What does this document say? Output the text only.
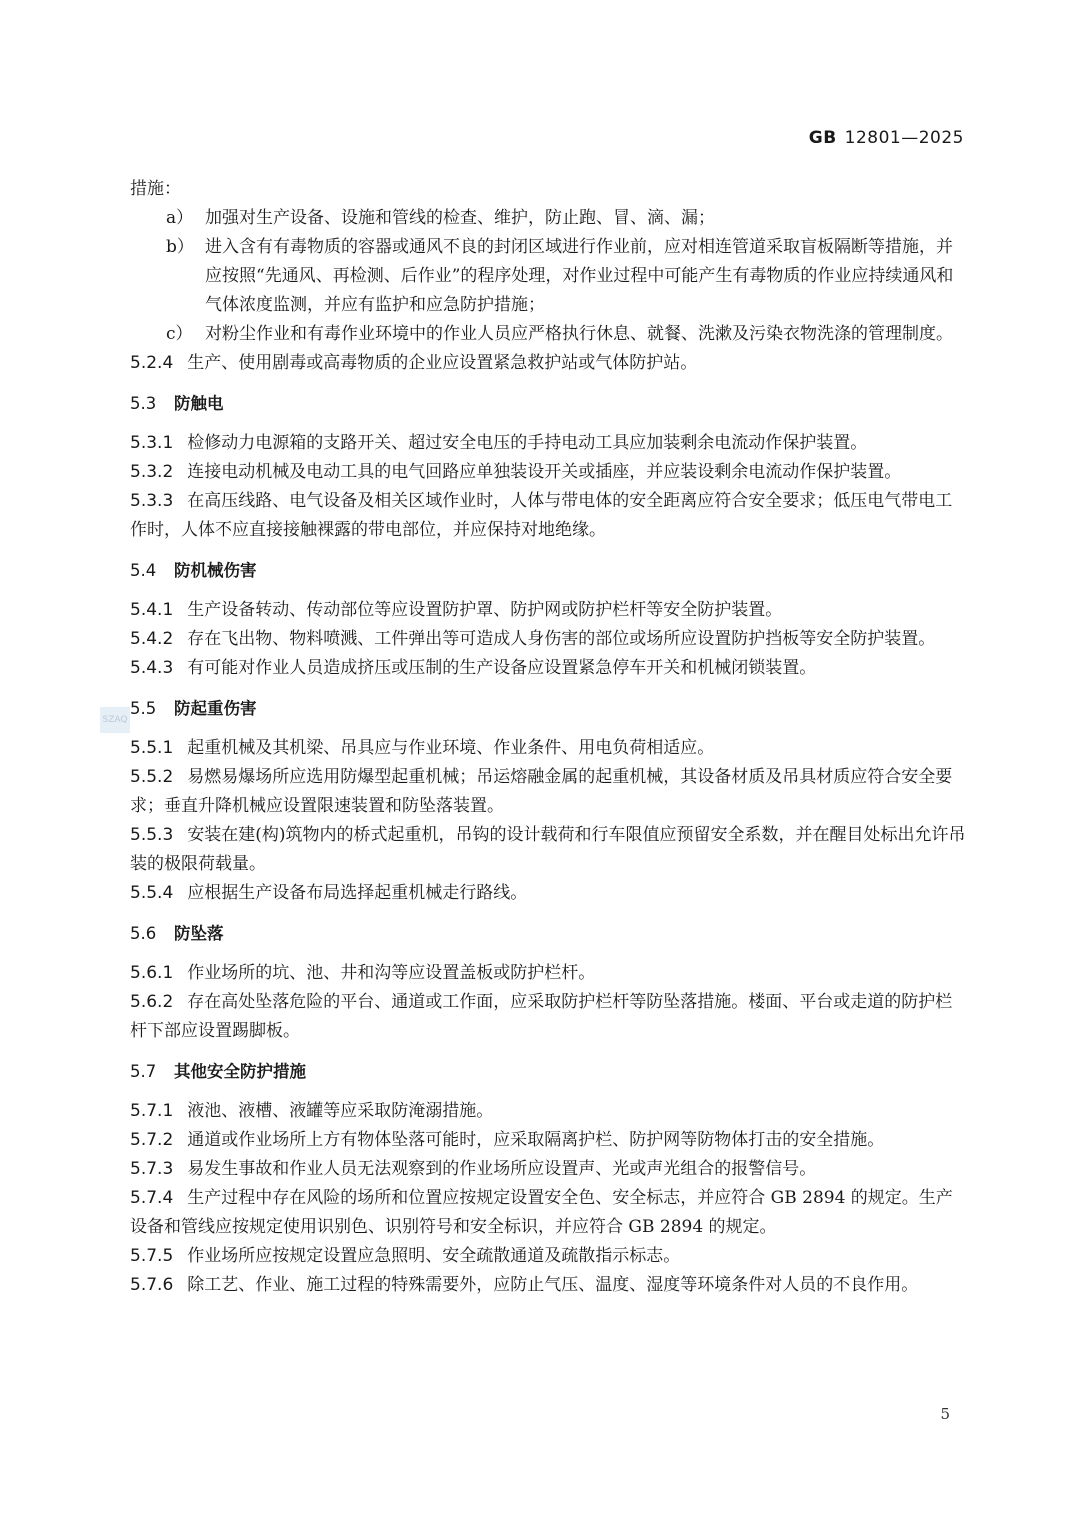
GB 12801—2025
SZAQ

措施：

a） 加强对生产设备、设施和管线的检查、维护，防止跑、冒、滴、漏；
b） 进入含有有毒物质的容器或通风不良的封闭区域进行作业前，应对相连管道采取盲板隔断等措施，并应按照“先通风、再检测、后作业”的程序处理，对作业过程中可能产生有毒物质的作业应持续通风和气体浓度监测，并应有监护和应急防护措施；
c） 对粉尘作业和有毒作业环境中的作业人员应严格执行休息、就餐、洗漱及污染衣物洗涤的管理制度。

5.2.4 生产、使用剧毒或高毒物质的企业应设置紧急救护站或气体防护站。

5.3 防触电

5.3.1 检修动力电源箱的支路开关、超过安全电压的手持电动工具应加装剩余电流动作保护装置。

5.3.2 连接电动机械及电动工具的电气回路应单独装设开关或插座，并应装设剩余电流动作保护装置。

5.3.3 在高压线路、电气设备及相关区域作业时，人体与带电体的安全距离应符合安全要求；低压电气带电工作时，人体不应直接接触裸露的带电部位，并应保持对地绝缘。

5.4 防机械伤害

5.4.1 生产设备转动、传动部位等应设置防护罩、防护网或防护栏杆等安全防护装置。

5.4.2 存在飞出物、物料喷溅、工件弹出等可造成人身伤害的部位或场所应设置防护挡板等安全防护装置。

5.4.3 有可能对作业人员造成挤压或压制的生产设备应设置紧急停车开关和机械闭锁装置。

5.5 防起重伤害

5.5.1 起重机械及其机梁、吊具应与作业环境、作业条件、用电负荷相适应。

5.5.2 易燃易爆场所应选用防爆型起重机械；吊运熔融金属的起重机械，其设备材质及吊具材质应符合安全要求；垂直升降机械应设置限速装置和防坠落装置。

5.5.3 安装在建(构)筑物内的桥式起重机，吊钩的设计载荷和行车限值应预留安全系数，并在醒目处标出允许吊装的极限荷载量。

5.5.4 应根据生产设备布局选择起重机械走行路线。

5.6 防坠落

5.6.1 作业场所的坑、池、井和沟等应设置盖板或防护栏杆。

5.6.2 存在高处坠落危险的平台、通道或工作面，应采取防护栏杆等防坠落措施。楼面、平台或走道的防护栏杆下部应设置踢脚板。

5.7 其他安全防护措施

5.7.1 液池、液槽、液罐等应采取防淹溺措施。

5.7.2 通道或作业场所上方有物体坠落可能时，应采取隔离护栏、防护网等防物体打击的安全措施。

5.7.3 易发生事故和作业人员无法观察到的作业场所应设置声、光或声光组合的报警信号。

5.7.4 生产过程中存在风险的场所和位置应按规定设置安全色、安全标志，并应符合 GB 2894 的规定。生产设备和管线应按规定使用识别色、识别符号和安全标识，并应符合 GB 2894 的规定。

5.7.5 作业场所应按规定设置应急照明、安全疏散通道及疏散指示标志。

5.7.6 除工艺、作业、施工过程的特殊需要外，应防止气压、温度、湿度等环境条件对人员的不良作用。

5
